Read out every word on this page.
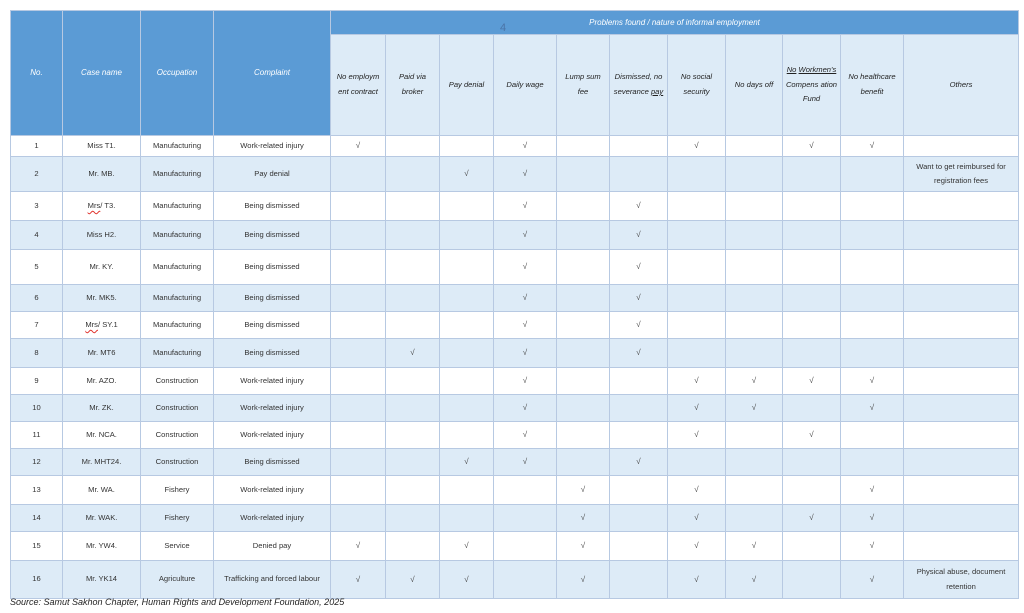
No.	Case name	Occupation	Complaint	Problems found / nature of informal employment										
				No employm ent contract	Paid via broker	Pay denial	Daily wage	Lump sum fee	Dismissed, no severance pay	No social security	No days off	No Workmen's Compens ation Fund	No healthcare benefit	Others
1	Miss T1.	Manufacturing	Work-related injury	√			√			√		√	√	
2	Mr. MB.	Manufacturing	Pay denial			√	√							Want to get reimbursed for registration fees
3	Mrs/ T3.	Manufacturing	Being dismissed				√		√					
4	Miss H2.	Manufacturing	Being dismissed				√		√					
5	Mr. KY.	Manufacturing	Being dismissed				√		√					
6	Mr. MK5.	Manufacturing	Being dismissed				√		√					
7	Mrs/ SY.1	Manufacturing	Being dismissed				√		√					
8	Mr. MT6	Manufacturing	Being dismissed		√		√		√					
9	Mr. AZO.	Construction	Work-related injury				√			√	√	√	√	
10	Mr. ZK.	Construction	Work-related injury				√			√	√		√	
11	Mr. NCA.	Construction	Work-related injury				√			√		√		
12	Mr. MHT24.	Construction	Being dismissed			√	√		√					
13	Mr. WA.	Fishery	Work-related injury					√		√			√	
14	Mr. WAK.	Fishery	Work-related injury					√		√		√	√	
15	Mr. YW4.	Service	Denied pay	√		√		√		√	√		√	
16	Mr. YK14	Agriculture	Trafficking and forced labour	√	√	√		√		√	√		√	Physical abuse, document retention
4
Source: Samut Sakhon Chapter, Human Rights and Development Foundation, 2025
